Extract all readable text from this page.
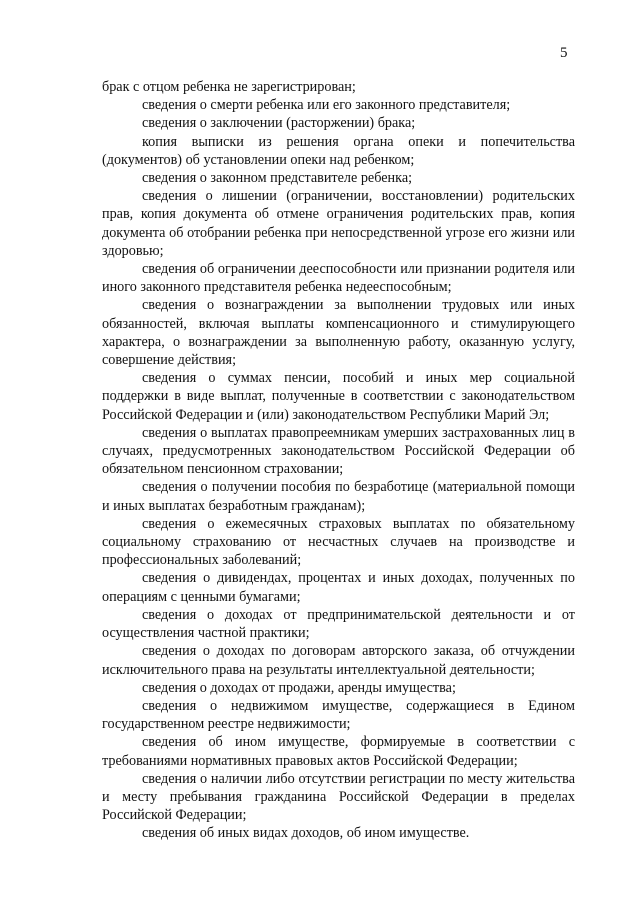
5

брак с отцом ребенка не зарегистрирован;

сведения о смерти ребенка или его законного представителя;

сведения о заключении (расторжении) брака;

копия выписки из решения органа опеки и попечительства (документов) об установлении опеки над ребенком;

сведения о законном представителе ребенка;

сведения о лишении (ограничении, восстановлении) родительских прав, копия документа об отмене ограничения родительских прав, копия документа об отобрании ребенка при непосредственной угрозе его жизни или здоровью;

сведения об ограничении дееспособности или признании родителя или иного законного представителя ребенка недееспособным;

сведения о вознаграждении за выполнении трудовых или иных обязанностей, включая выплаты компенсационного и стимулирующего характера, о вознаграждении за выполненную работу, оказанную услугу, совершение действия;

сведения о суммах пенсии, пособий и иных мер социальной поддержки в виде выплат, полученные в соответствии с законодательством Российской Федерации и (или) законодательством Республики Марий Эл;

сведения о выплатах правопреемникам умерших застрахованных лиц в случаях, предусмотренных законодательством Российской Федерации об обязательном пенсионном страховании;

сведения о получении пособия по безработице (материальной помощи и иных выплатах безработным гражданам);

сведения о ежемесячных страховых выплатах по обязательному социальному страхованию от несчастных случаев на производстве и профессиональных заболеваний;

сведения о дивидендах, процентах и иных доходах, полученных по операциям с ценными бумагами;

сведения о доходах от предпринимательской деятельности и от осуществления частной практики;

сведения о доходах по договорам авторского заказа, об отчуждении исключительного права на результаты интеллектуальной деятельности;

сведения о доходах от продажи, аренды имущества;

сведения о недвижимом имуществе, содержащиеся в Едином государственном реестре недвижимости;

сведения об ином имуществе, формируемые в соответствии с требованиями нормативных правовых актов Российской Федерации;

сведения о наличии либо отсутствии регистрации по месту жительства и месту пребывания гражданина Российской Федерации в пределах Российской Федерации;

сведения об иных видах доходов, об ином имуществе.
